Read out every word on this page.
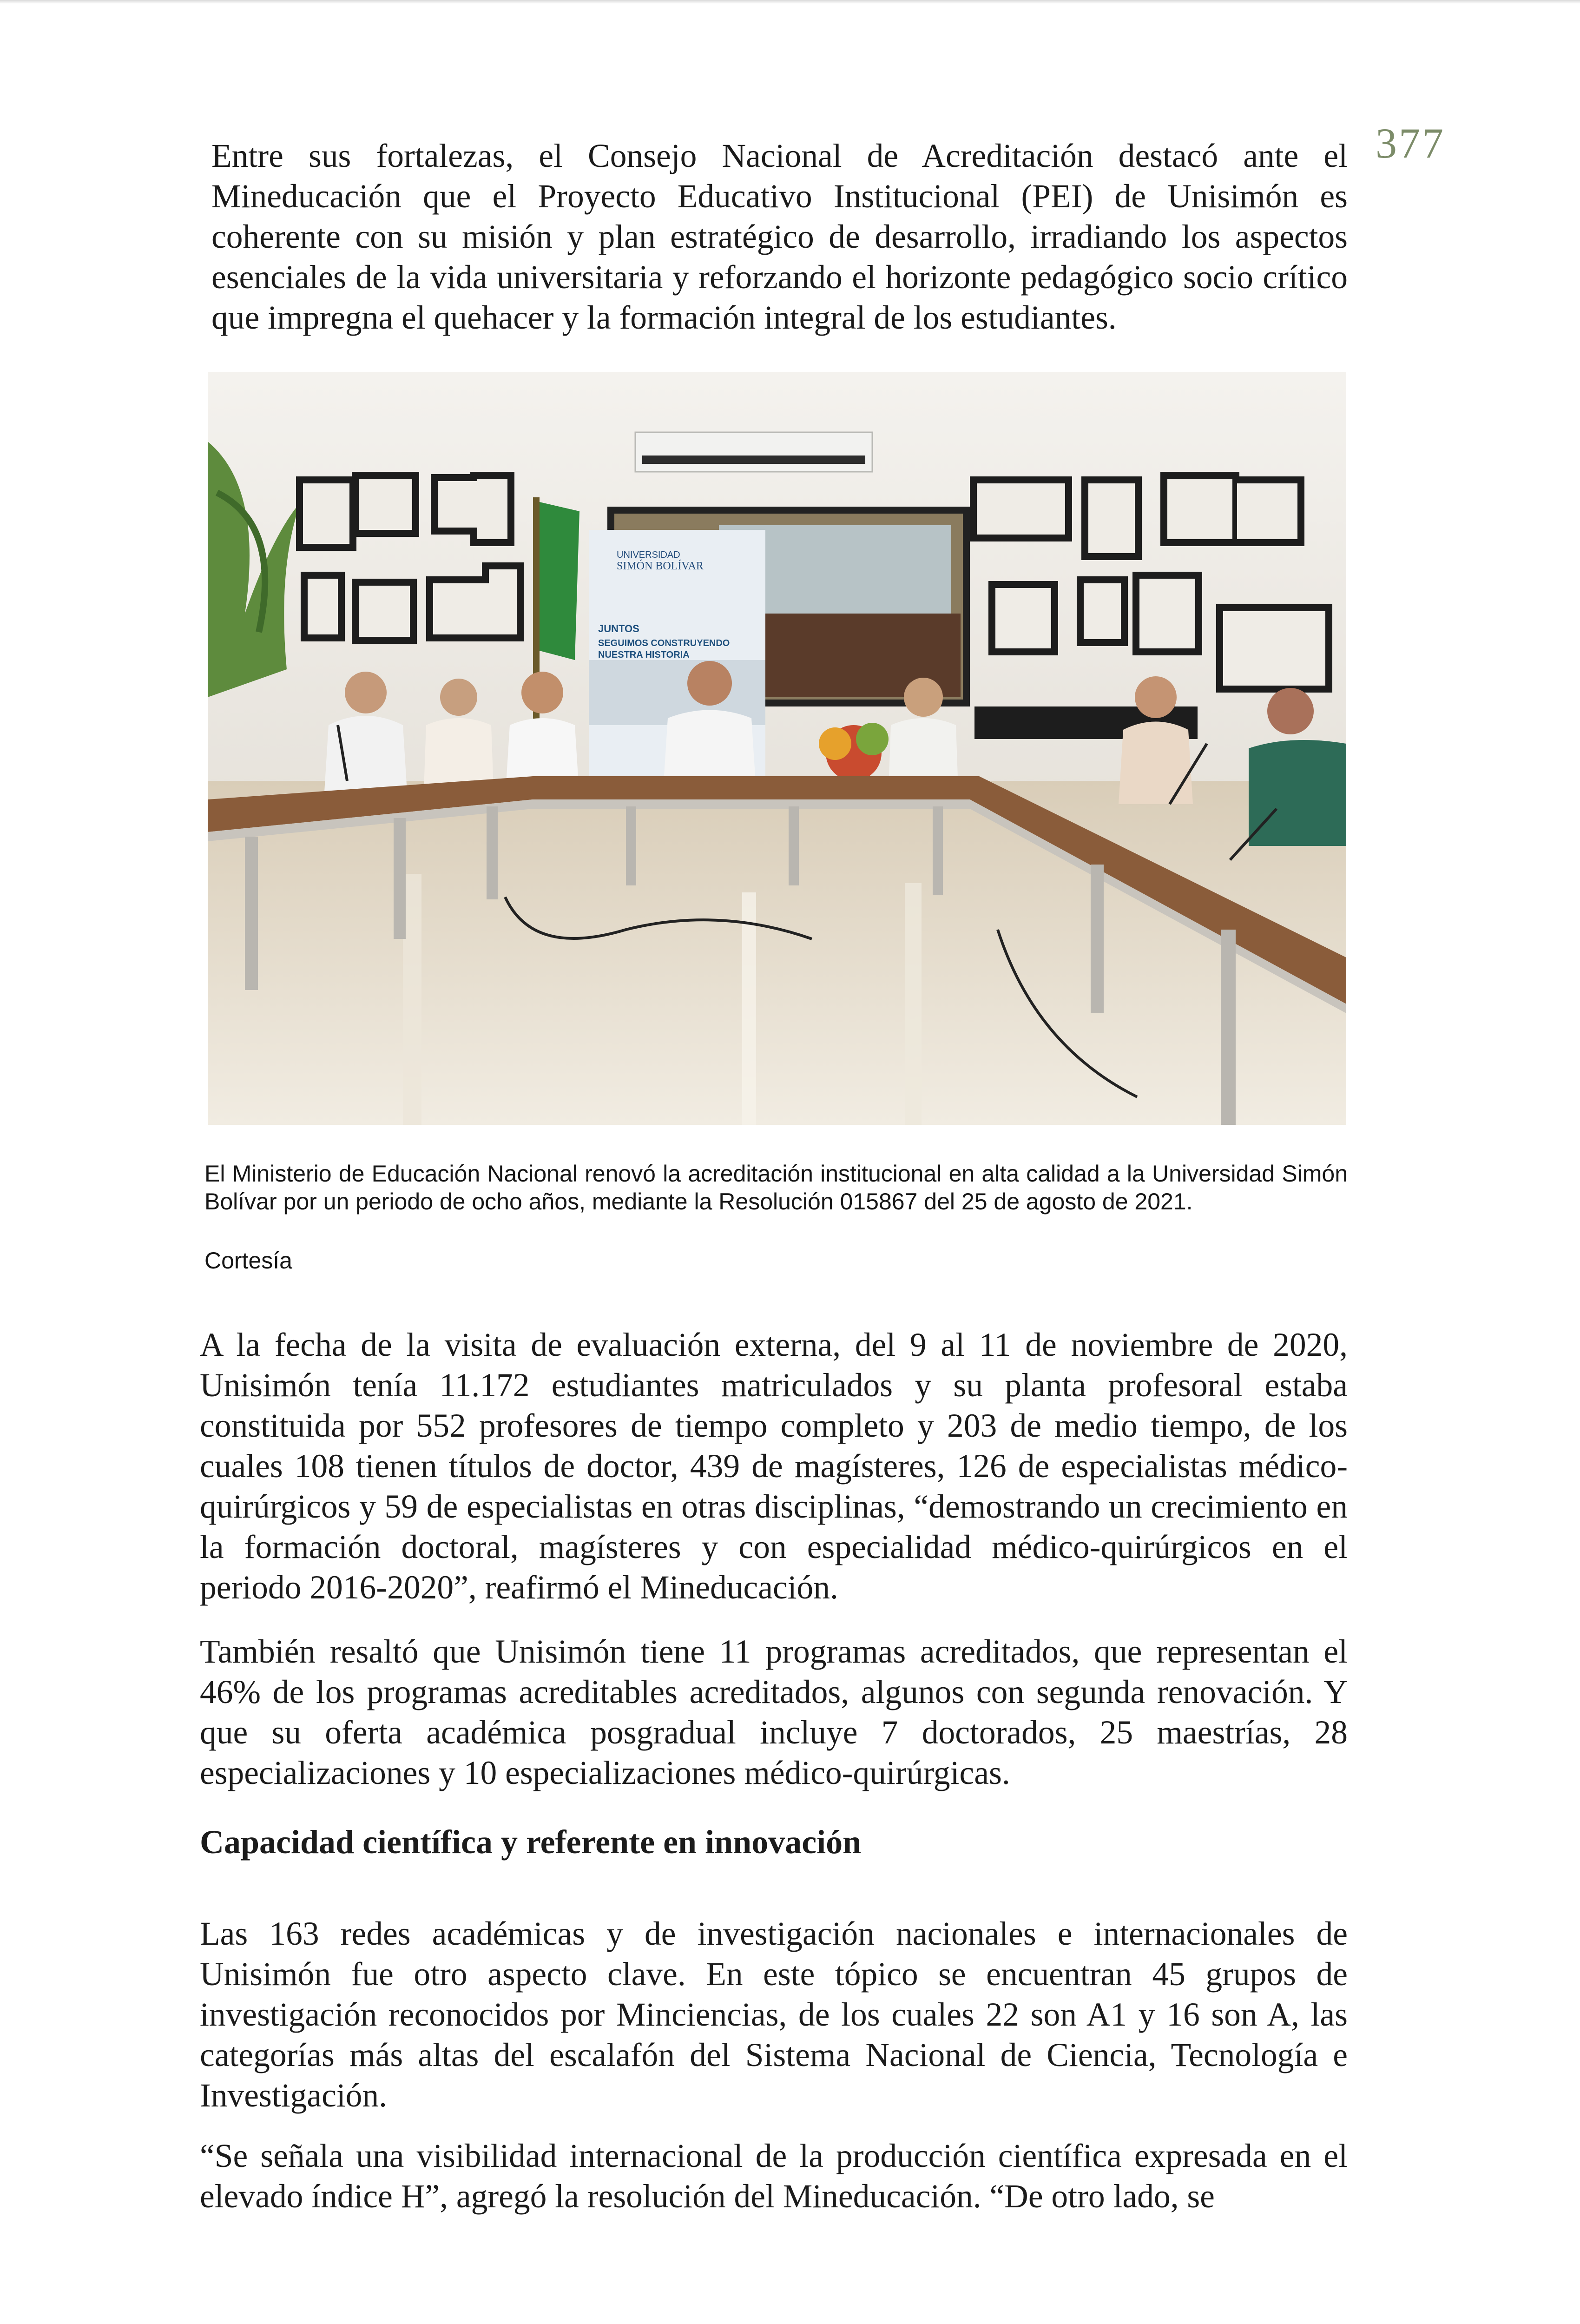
377

Entre sus fortalezas, el Consejo Nacional de Acreditación destacó ante el Mineducación que el Proyecto Educativo Institucional (PEI) de Unisimón es coherente con su misión y plan estratégico de desarrollo, irradiando los aspectos esenciales de la vida universitaria y reforzando el horizonte pedagógico socio crítico que impregna el quehacer y la formación integral de los estudiantes.

UNIVERSIDAD
SIMÓN BOLÍVAR
JUNTOS
SEGUIMOS CONSTRUYENDO
NUESTRA HISTORIA

El Ministerio de Educación Nacional renovó la acreditación institucional en alta calidad a la Universidad Simón Bolívar por un periodo de ocho años, mediante la Resolución 015867 del 25 de agosto de 2021.

Cortesía

A la fecha de la visita de evaluación externa, del 9 al 11 de noviembre de 2020, Unisimón tenía 11.172 estudiantes matriculados y su planta profesoral estaba constituida por 552 profesores de tiempo completo y 203 de medio tiempo, de los cuales 108 tienen títulos de doctor, 439 de magísteres, 126 de especialistas médico-quirúrgicos y 59 de especialistas en otras disciplinas, “demostrando un crecimiento en la formación doctoral, magísteres y con especialidad médico-quirúrgicos en el periodo 2016-2020”, reafirmó el Mineducación.

También resaltó que Unisimón tiene 11 programas acreditados, que representan el 46% de los programas acreditables acreditados, algunos con segunda renovación. Y que su oferta académica posgradual incluye 7 doctorados, 25 maestrías, 28 especializaciones y 10 especializaciones médico-quirúrgicas.

Capacidad científica y referente en innovación

Las 163 redes académicas y de investigación nacionales e internacionales de Unisimón fue otro aspecto clave. En este tópico se encuentran 45 grupos de investigación reconocidos por Minciencias, de los cuales 22 son A1 y 16 son A, las categorías más altas del escalafón del Sistema Nacional de Ciencia, Tecnología e Investigación.

“Se señala una visibilidad internacional de la producción científica expresada en el elevado índice H”, agregó la resolución del Mineducación. “De otro lado, se
